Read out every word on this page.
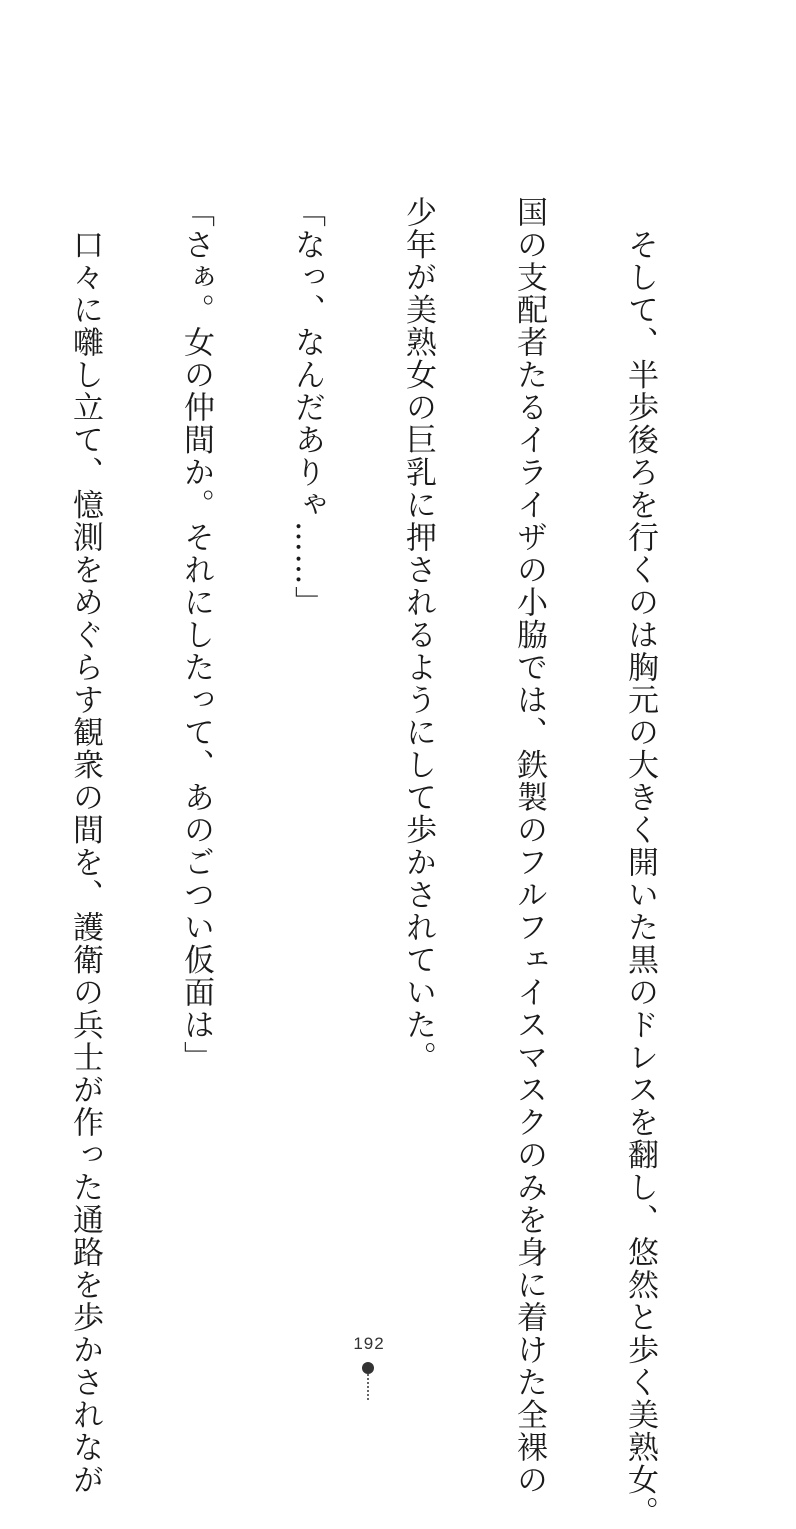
　そして、半歩後ろを行くのは胸元の大きく開いた黒のドレスを翻し、悠然と歩く美熟女。

国の支配者たるイライザの小脇では、鉄製のフルフェイスマスクのみを身に着けた全裸の

少年が美熟女の巨乳に押されるようにして歩かされていた。

「なっ、なんだありゃ……」

「さぁ。女の仲間か。それにしたって、あのごつい仮面は」

　口々に囃し立て、憶測をめぐらす観衆の間を、護衛の兵士が作った通路を歩かされなが

	192
